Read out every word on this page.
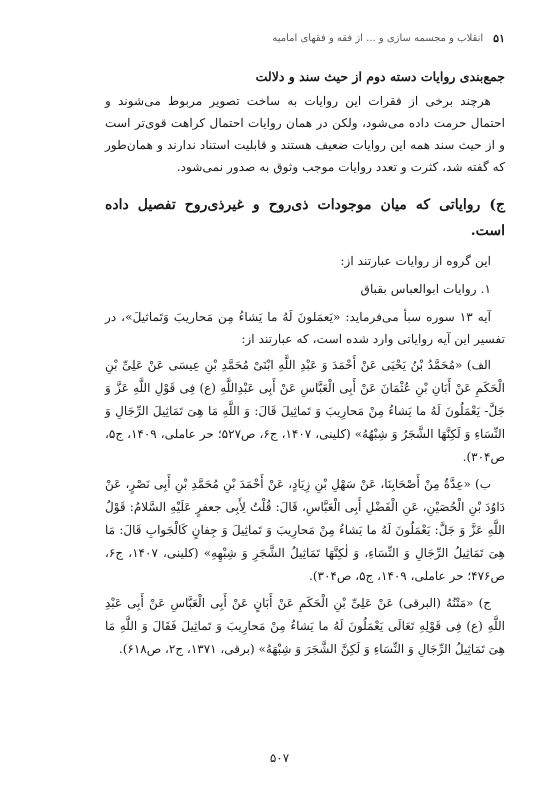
۵۱
انقلاب و مجسمه سازی و ... از فقه و فقهای امامیه

جمع‌بندی روایات دسته دوم از حیث سند و دلالت

هرچند برخی از فقرات این روایات به ساخت تصویر مربوط می‌شوند و احتمال حرمت داده می‌شود، ولکن در همان روایات احتمال کراهت قوی‌تر است و از حیث سند همه این روایات ضعیف هستند و قابلیت استناد ندارند و همان‌طور که گفته شد، کثرت و تعدد روایات موجب وثوق به صدور نمی‌شود.

ج) روایاتی که میان موجودات ذی‌روح و غیرذی‌روح تفصیل داده است.

این گروه از روایات عبارتند از:

۱. روایات ابوالعباس بقباق

آیه ۱۳ سوره سبأ می‌فرماید: «یَعمَلونَ لَهُ ما یَشاءُ مِن مَحاریبَ وَتَماثیلَ»، در تفسیر این آیه روایاتی وارد شده است، که عبارتند از:

الف) «مُحَمَّدُ بْنُ یَحْیَی عَنْ أَحْمَدَ وَ عَبْدِ اللَّهِ ابْنَیْ مُحَمَّدِ بْنِ عِیسَی عَنْ عَلِیِّ بْنِ الْحَکَمِ عَنْ أَبَانِ بْنِ عُثْمَانَ عَنْ أَبِی الْعَبَّاسِ عَنْ أَبِی عَبْدِاللَّهِ (ع) فِی قَوْلِ اللَّهِ عَزَّ وَ جَلَّ- یَعْمَلُونَ لَهُ ما یَشاءُ مِنْ مَحارِیبَ وَ تَماثِیلَ قَالَ: وَ اللَّهِ مَا هِیَ تَمَاثِیلَ الرِّجَالِ وَ النِّسَاءِ وَ لَکِنَّهَا الشَّجَرُ وَ شِبْهُهُ» (کلینی، ۱۴۰۷، ج۶، ص۵۲۷؛ حر عاملی، ۱۴۰۹، ج۵، ص۳۰۴).

ب) «عِدَّةٌ مِنْ أَصْحَابِنَا، عَنْ سَهْلِ بْنِ زِیَادٍ، عَنْ أَحْمَدَ بْنِ مُحَمَّدِ بْنِ أَبِی نَصْرٍ، عَنْ دَاوُدَ بْنِ الْحُصَیْنِ، عَنِ الْفَضْلِ أَبِی الْعَبَّاسِ، قَالَ: قُلْتُ لِأَبِی جعفرٍ عَلَیْهِ السَّلامُ: قَوْلُ اللَّهِ عَزَّ وَ جَلَّ: یَعْمَلُونَ لَهُ ما یَشاءُ مِنْ مَحارِیبَ وَ تَماثِیلَ وَ جِفانٍ کَالْجَوابِ قَالَ: مَا هِیَ تَمَاثِیلُ الرِّجَالِ وَ النِّسَاءِ، وَ لٰکِنَّهَا تَمَاثِیلُ الشَّجَرِ وَ شِبْهِهِ» (کلینی، ۱۴۰۷، ج۶، ص۴۷۶؛ حر عاملی، ۱۴۰۹، ج۵، ص۳۰۴).

ج) «مَتْنُهُ (البرقی) عَنْ عَلِیِّ بْنِ الْحَکَمِ عَنْ أَبَانٍ عَنْ أَبِی الْعَبَّاسِ عَنْ أَبِی عَبْدِ اللَّهِ (ع) فِی قَوْلِهِ تَعَالَی یَعْمَلُونَ لَهُ ما یَشاءُ مِنْ مَحارِیبَ وَ تَماثِیلَ فَقَالَ وَ اللَّهِ مَا هِیَ تَمَاثِیلُ الرِّجَالِ وَ النِّسَاءِ وَ لَکِنَّ الشَّجَرَ وَ شِبْهَهُ» (برقی، ۱۳۷۱، ج۲، ص۶۱۸).

۵۰۷
